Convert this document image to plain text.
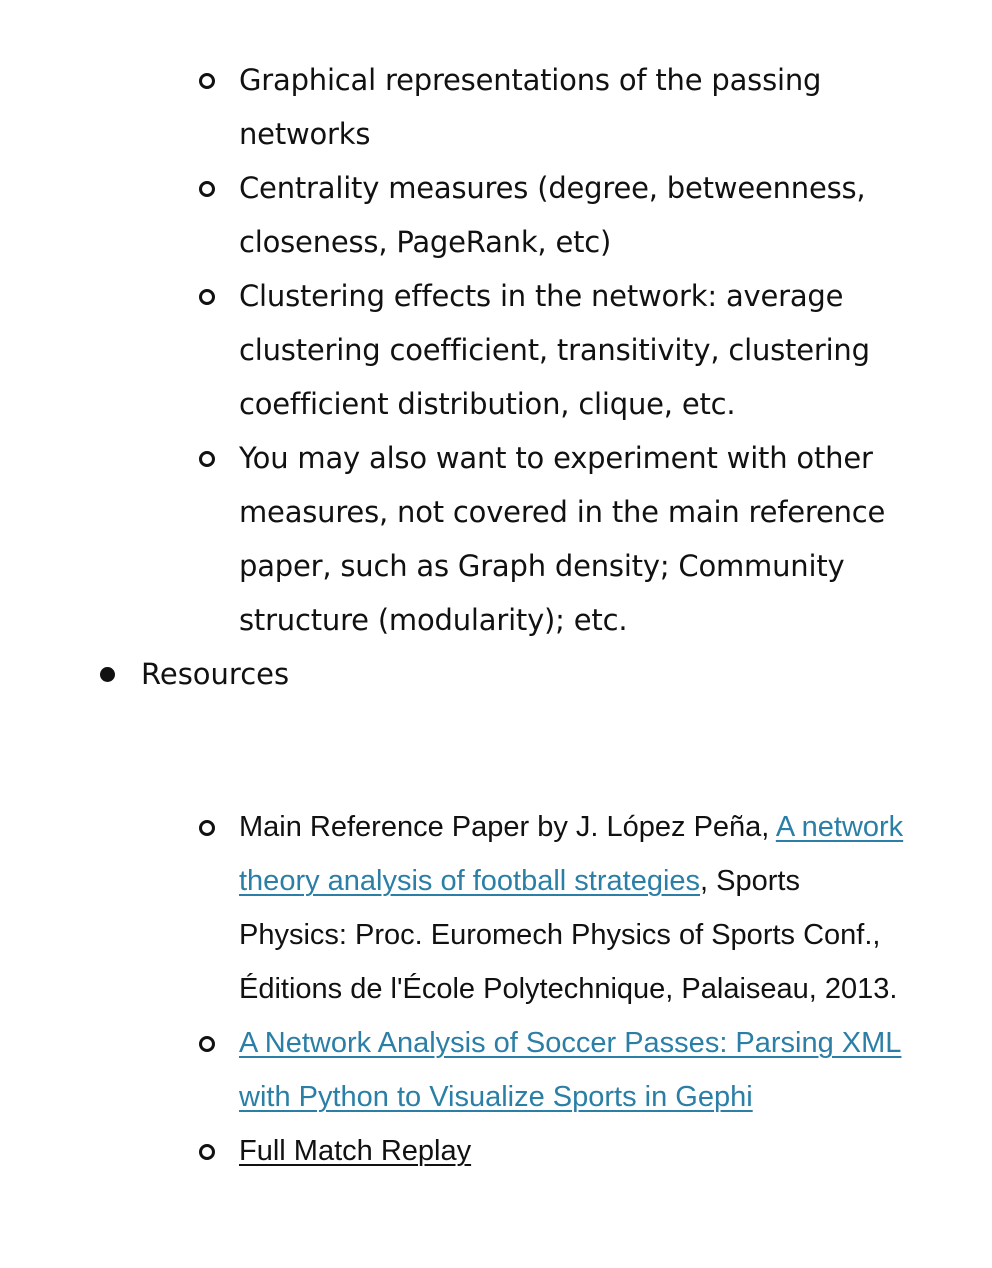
Graphical representations of the passing networks
Centrality measures (degree, betweenness, closeness, PageRank, etc)
Clustering effects in the network: average clustering coefficient, transitivity, clustering coefficient distribution, clique, etc.
You may also want to experiment with other measures, not covered in the main reference paper, such as Graph density; Community structure (modularity); etc.
Resources
Main Reference Paper by J. López Peña, A network theory analysis of football strategies, Sports Physics: Proc. Euromech Physics of Sports Conf., Éditions de l'École Polytechnique, Palaiseau, 2013.
A Network Analysis of Soccer Passes: Parsing XML with Python to Visualize Sports in Gephi
Full Match Replay
